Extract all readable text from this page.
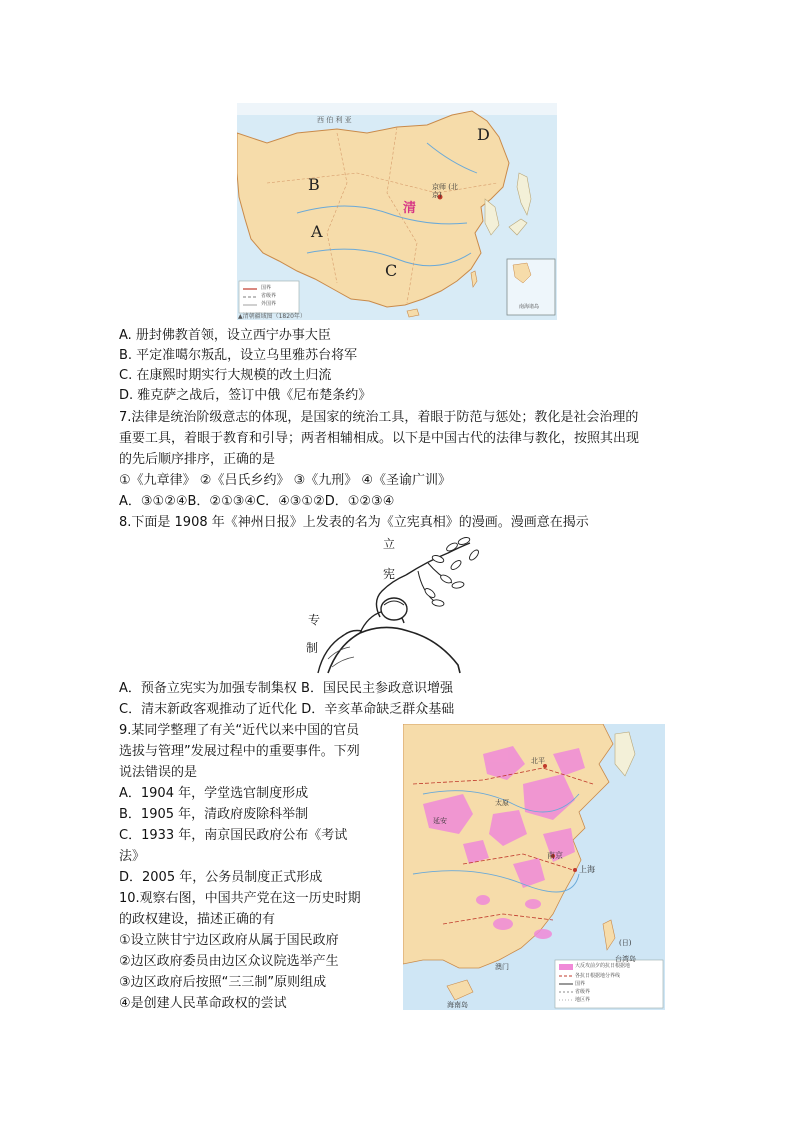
西 伯 利 亚
京师 (北京)
清
B
A
C
D
国界
省级界
外国界	南海诸岛
▲清朝疆域图（1820年）
A. 册封佛教首领，设立西宁办事大臣
B. 平定准噶尔叛乱，设立乌里雅苏台将军
C. 在康熙时期实行大规模的改土归流
D. 雅克萨之战后，签订中俄《尼布楚条约》
7.法律是统治阶级意志的体现，是国家的统治工具，着眼于防范与惩处；教化是社会治理的
重要工具，着眼于教育和引导；两者相辅相成。以下是中国古代的法律与教化，按照其出现
的先后顺序排序，正确的是
①《九章律》 ②《吕氏乡约》 ③《九刑》 ④《圣谕广训》
A．③①②④B．②①③④C．④③①②D．①②③④
8.下面是 1908 年《神州日报》上发表的名为《立宪真相》的漫画。漫画意在揭示
立
宪
专
制
A．预备立宪实为加强专制集权 B．国民民主参政意识增强
C．清末新政客观推动了近代化 D．辛亥革命缺乏群众基础
9.某同学整理了有关“近代以来中国的官员
选拔与管理”发展过程中的重要事件。下列
说法错误的是
A．1904 年，学堂选官制度形成
B．1905 年，清政府废除科举制
C．1933 年，南京国民政府公布《考试
法》
D．2005 年，公务员制度正式形成
10.观察右图，中国共产党在这一历史时期
的政权建设，描述正确的有
①设立陕甘宁边区政府从属于国民政府
②边区政府委员由边区众议院选举产生
③边区政府后按照“三三制”原则组成
④是创建人民革命政权的尝试
北平
太原
上海
南京
延安
澳门
台湾岛
海南岛
(日)
大反攻前夕的抗日根据地
各抗日根据地分界线
国界
省级界
地区界
